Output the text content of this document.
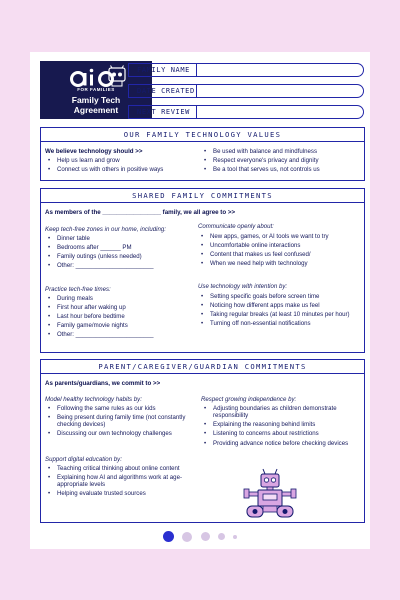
FOR FAMILIES
Family Tech
Agreement
FAMILY NAME
DATE CREATED
NEXT REVIEW
OUR FAMILY TECHNOLOGY VALUES
We believe technology should >>
• Help us learn and grow
• Connect us with others in positive ways
• Be used with balance and mindfulness
• Respect everyone's privacy and dignity
• Be a tool that serves us, not controls us
SHARED FAMILY COMMITMENTS
As members of the _________________ family, we all agree to >>
Keep tech-free zones in our home, including:
• Dinner table
• Bedrooms after ______ PM
• Family outings (unless needed)
• Other: _______________________
Practice tech-free times:
• During meals
• First hour after waking up
• Last hour before bedtime
• Family game/movie nights
• Other: _______________________
Communicate openly about:
• New apps, games, or AI tools we want to try
• Uncomfortable online interactions
• Content that makes us feel confused/
• When we need help with technology
Use technology with intention by:
• Setting specific goals before screen time
• Noticing how different apps make us feel
• Taking regular breaks (at least 10 minutes per hour)
• Turning off non-essential notifications
PARENT/CAREGIVER/GUARDIAN COMMITMENTS
As parents/guardians, we commit to >>
Model healthy technology habits by:
• Following the same rules as our kids
• Being present during family time (not constantly checking devices)
• Discussing our own technology challenges
Support digital education by:
• Teaching critical thinking about online content
• Explaining how AI and algorithms work at age-appropriate levels
• Helping evaluate trusted sources
Respect growing independence by:
• Adjusting boundaries as children demonstrate responsibility
• Explaining the reasoning behind limits
• Listening to concerns about restrictions
• Providing advance notice before checking devices
